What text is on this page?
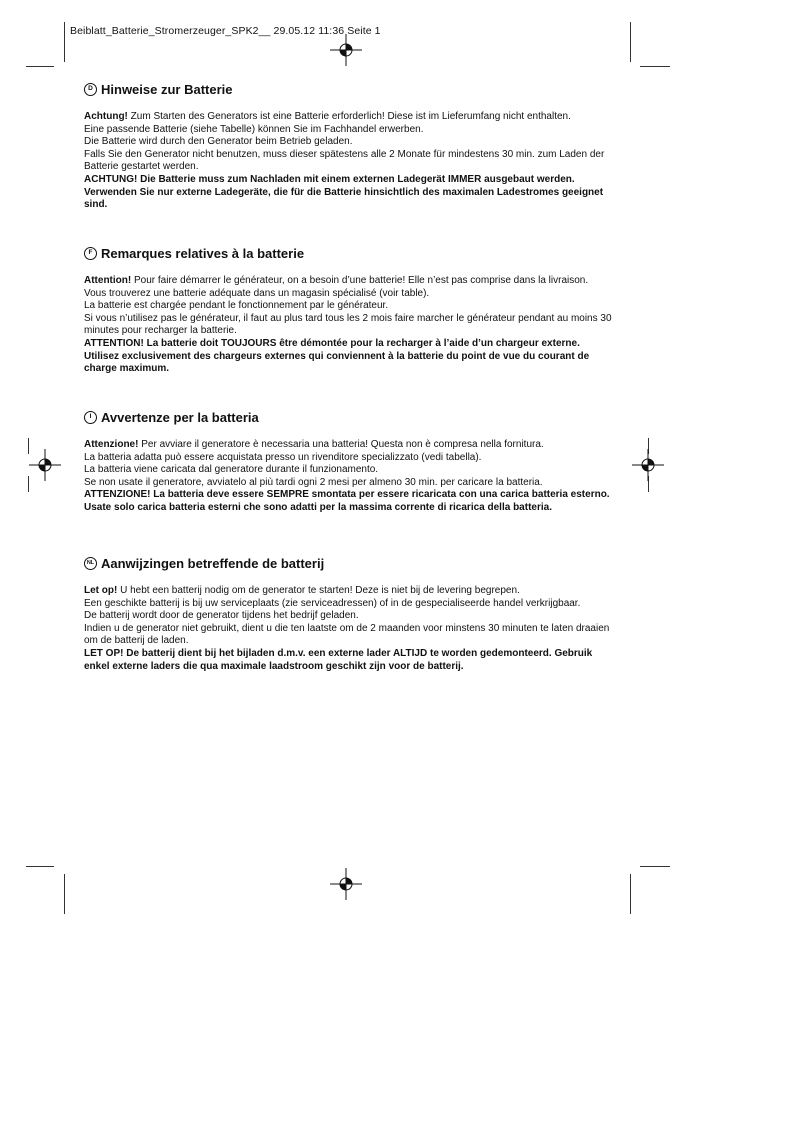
Beiblatt_Batterie_Stromerzeuger_SPK2__ 29.05.12 11:36 Seite 1
D Hinweise zur Batterie

Achtung! Zum Starten des Generators ist eine Batterie erforderlich! Diese ist im Lieferumfang nicht enthalten.

Eine passende Batterie (siehe Tabelle) können Sie im Fachhandel erwerben.

Die Batterie wird durch den Generator beim Betrieb geladen.

Falls Sie den Generator nicht benutzen, muss dieser spätestens alle 2 Monate für mindestens 30 min. zum Laden der Batterie gestartet werden.

ACHTUNG! Die Batterie muss zum Nachladen mit einem externen Ladegerät IMMER ausgebaut werden. Verwenden Sie nur externe Ladegeräte, die für die Batterie hinsichtlich des maximalen Ladestromes geeignet sind.

F Remarques relatives à la batterie

Attention! Pour faire démarrer le générateur, on a besoin d’une batterie! Elle n’est pas comprise dans la livraison.

Vous trouverez une batterie adéquate dans un magasin spécialisé (voir table).

La batterie est chargée pendant le fonctionnement par le générateur.

Si vous n’utilisez pas le générateur, il faut au plus tard tous les 2 mois faire marcher le générateur pendant au moins 30 minutes pour recharger la batterie.

ATTENTION! La batterie doit TOUJOURS être démontée pour la recharger à l’aide d’un chargeur externe. Utilisez exclusivement des chargeurs externes qui conviennent à la batterie du point de vue du courant de charge maximum.

I Avvertenze per la batteria

Attenzione! Per avviare il generatore è necessaria una batteria! Questa non è compresa nella fornitura.

La batteria adatta può essere acquistata presso un rivenditore specializzato (vedi tabella).

La batteria viene caricata dal generatore durante il funzionamento.

Se non usate il generatore, avviatelo al più tardi ogni 2 mesi per almeno 30 min. per caricare la batteria.

ATTENZIONE! La batteria deve essere SEMPRE smontata per essere ricaricata con una carica batteria esterno. Usate solo carica batteria esterni che sono adatti per la massima corrente di ricarica della batteria.

NL Aanwijzingen betreffende de batterij

Let op! U hebt een batterij nodig om de generator te starten! Deze is niet bij de levering begrepen.

Een geschikte batterij is bij uw serviceplaats (zie serviceadressen) of in de gespecialiseerde handel verkrijgbaar.

De batterij wordt door de generator tijdens het bedrijf geladen.

Indien u de generator niet gebruikt, dient u die ten laatste om de 2 maanden voor minstens 30 minuten te laten draaien om de batterij de laden.

LET OP! De batterij dient bij het bijladen d.m.v. een externe lader ALTIJD te worden gedemonteerd. Gebruik enkel externe laders die qua maximale laadstroom geschikt zijn voor de batterij.
